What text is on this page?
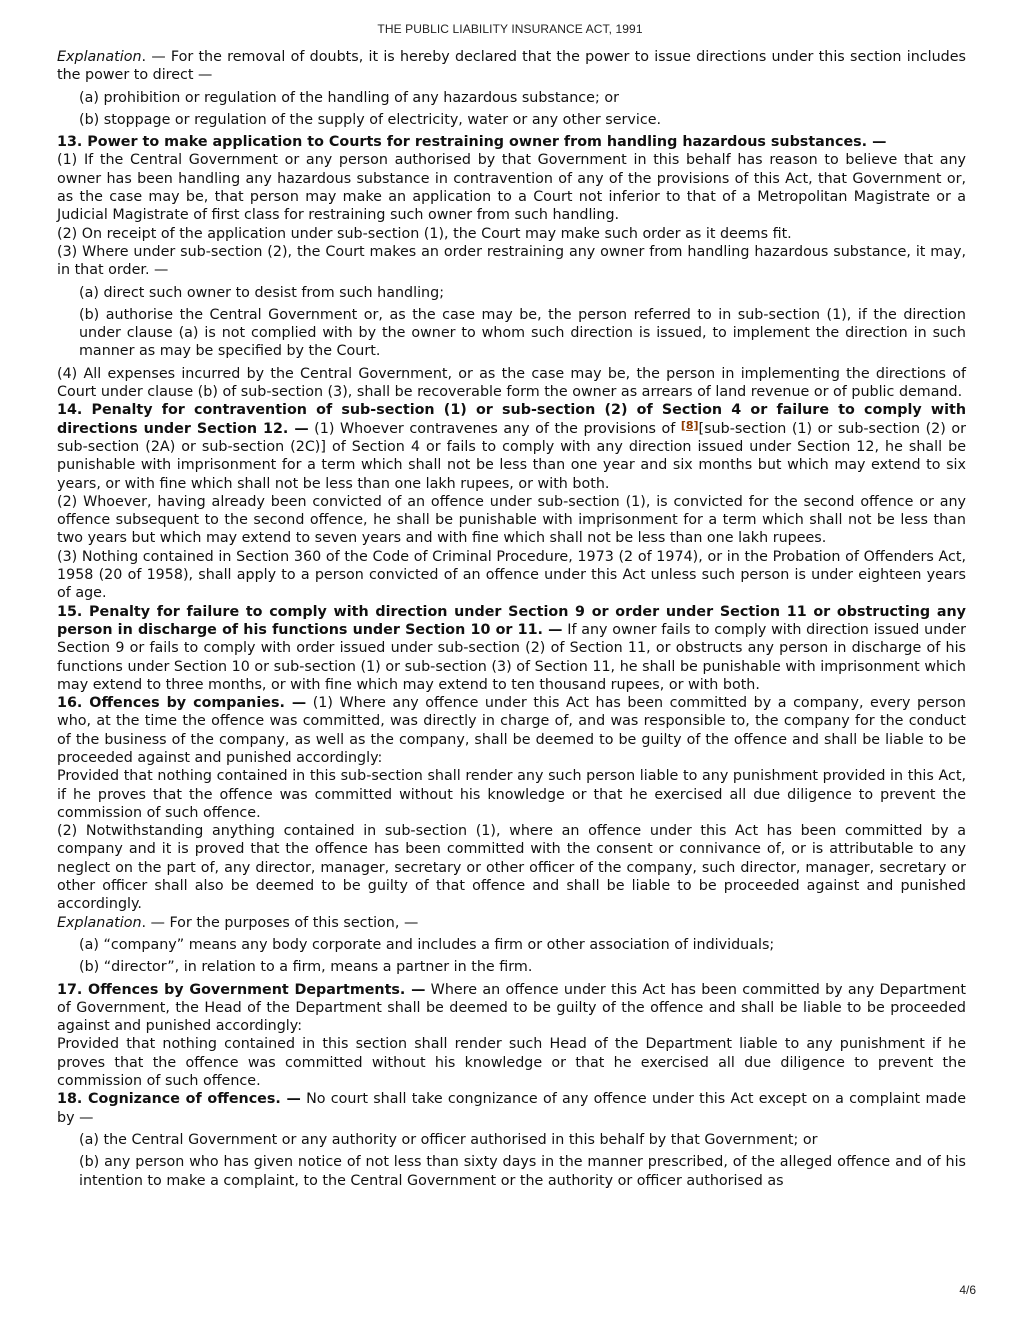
THE PUBLIC LIABILITY INSURANCE ACT, 1991

Explanation. — For the removal of doubts, it is hereby declared that the power to issue directions under this section includes the power to direct —

(a) prohibition or regulation of the handling of any hazardous substance; or

(b) stoppage or regulation of the supply of electricity, water or any other service.

13. Power to make application to Courts for restraining owner from handling hazardous substances. —

(1) If the Central Government or any person authorised by that Government in this behalf has reason to believe that any owner has been handling any hazardous substance in contravention of any of the provisions of this Act, that Government or, as the case may be, that person may make an application to a Court not inferior to that of a Metropolitan Magistrate or a Judicial Magistrate of first class for restraining such owner from such handling.

(2) On receipt of the application under sub-section (1), the Court may make such order as it deems fit.

(3) Where under sub-section (2), the Court makes an order restraining any owner from handling hazardous substance, it may, in that order. —

(a) direct such owner to desist from such handling;

(b) authorise the Central Government or, as the case may be, the person referred to in sub-section (1), if the direction under clause (a) is not complied with by the owner to whom such direction is issued, to implement the direction in such manner as may be specified by the Court.

(4) All expenses incurred by the Central Government, or as the case may be, the person in implementing the directions of Court under clause (b) of sub-section (3), shall be recoverable form the owner as arrears of land revenue or of public demand.

14. Penalty for contravention of sub-section (1) or sub-section (2) of Section 4 or failure to comply with directions under Section 12. — (1) Whoever contravenes any of the provisions of [8][sub-section (1) or sub-section (2) or sub-section (2A) or sub-section (2C)] of Section 4 or fails to comply with any direction issued under Section 12, he shall be punishable with imprisonment for a term which shall not be less than one year and six months but which may extend to six years, or with fine which shall not be less than one lakh rupees, or with both.

(2) Whoever, having already been convicted of an offence under sub-section (1), is convicted for the second offence or any offence subsequent to the second offence, he shall be punishable with imprisonment for a term which shall not be less than two years but which may extend to seven years and with fine which shall not be less than one lakh rupees.

(3) Nothing contained in Section 360 of the Code of Criminal Procedure, 1973 (2 of 1974), or in the Probation of Offenders Act, 1958 (20 of 1958), shall apply to a person convicted of an offence under this Act unless such person is under eighteen years of age.

15. Penalty for failure to comply with direction under Section 9 or order under Section 11 or obstructing any person in discharge of his functions under Section 10 or 11. — If any owner fails to comply with direction issued under Section 9 or fails to comply with order issued under sub-section (2) of Section 11, or obstructs any person in discharge of his functions under Section 10 or sub-section (1) or sub-section (3) of Section 11, he shall be punishable with imprisonment which may extend to three months, or with fine which may extend to ten thousand rupees, or with both.

16. Offences by companies. — (1) Where any offence under this Act has been committed by a company, every person who, at the time the offence was committed, was directly in charge of, and was responsible to, the company for the conduct of the business of the company, as well as the company, shall be deemed to be guilty of the offence and shall be liable to be proceeded against and punished accordingly:

Provided that nothing contained in this sub-section shall render any such person liable to any punishment provided in this Act, if he proves that the offence was committed without his knowledge or that he exercised all due diligence to prevent the commission of such offence.

(2) Notwithstanding anything contained in sub-section (1), where an offence under this Act has been committed by a company and it is proved that the offence has been committed with the consent or connivance of, or is attributable to any neglect on the part of, any director, manager, secretary or other officer of the company, such director, manager, secretary or other officer shall also be deemed to be guilty of that offence and shall be liable to be proceeded against and punished accordingly.

Explanation. — For the purposes of this section, —

(a) “company” means any body corporate and includes a firm or other association of individuals;

(b) “director”, in relation to a firm, means a partner in the firm.

17. Offences by Government Departments. — Where an offence under this Act has been committed by any Department of Government, the Head of the Department shall be deemed to be guilty of the offence and shall be liable to be proceeded against and punished accordingly:

Provided that nothing contained in this section shall render such Head of the Department liable to any punishment if he proves that the offence was committed without his knowledge or that he exercised all due diligence to prevent the commission of such offence.

18. Cognizance of offences. — No court shall take congnizance of any offence under this Act except on a complaint made by —

(a) the Central Government or any authority or officer authorised in this behalf by that Government; or

(b) any person who has given notice of not less than sixty days in the manner prescribed, of the alleged offence and of his intention to make a complaint, to the Central Government or the authority or officer authorised as

4/6
